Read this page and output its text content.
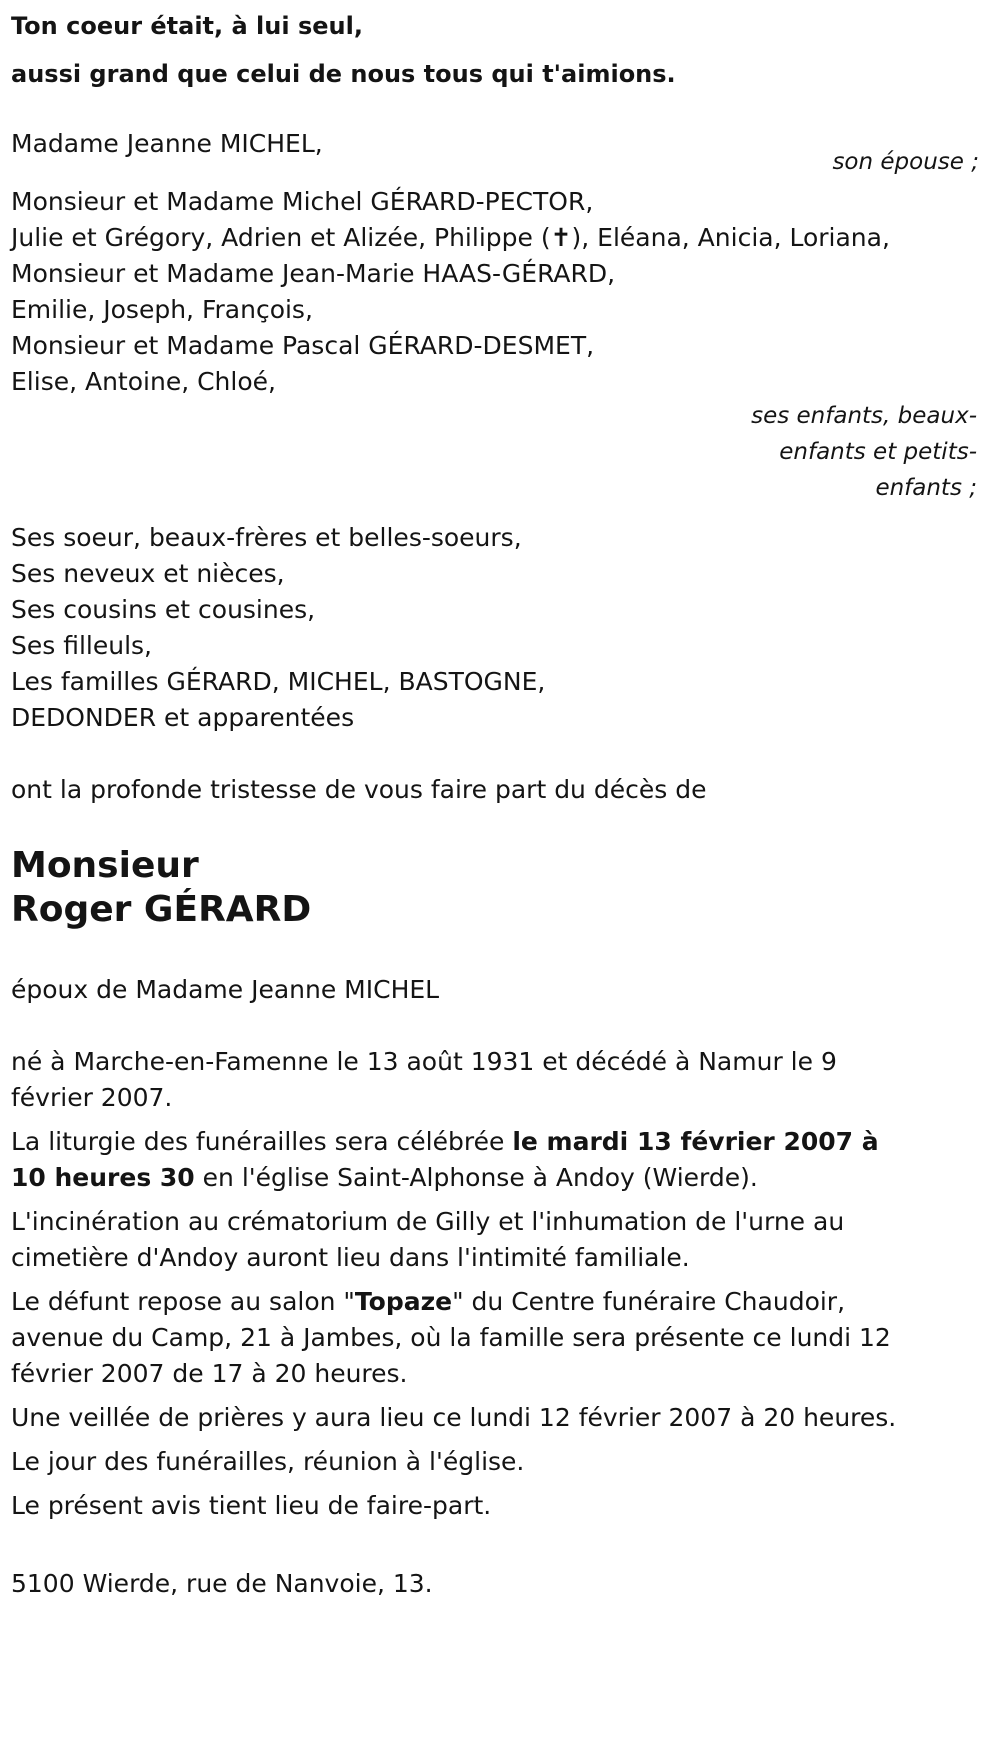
Ton coeur était, à lui seul,
aussi grand que celui de nous tous qui t'aimions.
Madame Jeanne MICHEL,
son épouse ;
Monsieur et Madame Michel GÉRARD-PECTOR,
Julie et Grégory, Adrien et Alizée, Philippe (✝), Eléana, Anicia, Loriana,
Monsieur et Madame Jean-Marie HAAS-GÉRARD,
Emilie, Joseph, François,
Monsieur et Madame Pascal GÉRARD-DESMET,
Elise, Antoine, Chloé,
ses enfants, beaux-
enfants et petits-
enfants ;
Ses soeur, beaux-frères et belles-soeurs,
Ses neveux et nièces,
Ses cousins et cousines,
Ses filleuls,
Les familles GÉRARD, MICHEL, BASTOGNE,
DEDONDER et apparentées
ont la profonde tristesse de vous faire part du décès de
Monsieur
Roger GÉRARD
époux de Madame Jeanne MICHEL
né à Marche-en-Famenne le 13 août 1931 et décédé à Namur le 9 février 2007.
La liturgie des funérailles sera célébrée le mardi 13 février 2007 à 10 heures 30 en l'église Saint-Alphonse à Andoy (Wierde).
L'incinération au crématorium de Gilly et l'inhumation de l'urne au cimetière d'Andoy auront lieu dans l'intimité familiale.
Le défunt repose au salon "Topaze" du Centre funéraire Chaudoir, avenue du Camp, 21 à Jambes, où la famille sera présente ce lundi 12 février 2007 de 17 à 20 heures.
Une veillée de prières y aura lieu ce lundi 12 février 2007 à 20 heures.
Le jour des funérailles, réunion à l'église.
Le présent avis tient lieu de faire-part.
5100 Wierde, rue de Nanvoie, 13.
